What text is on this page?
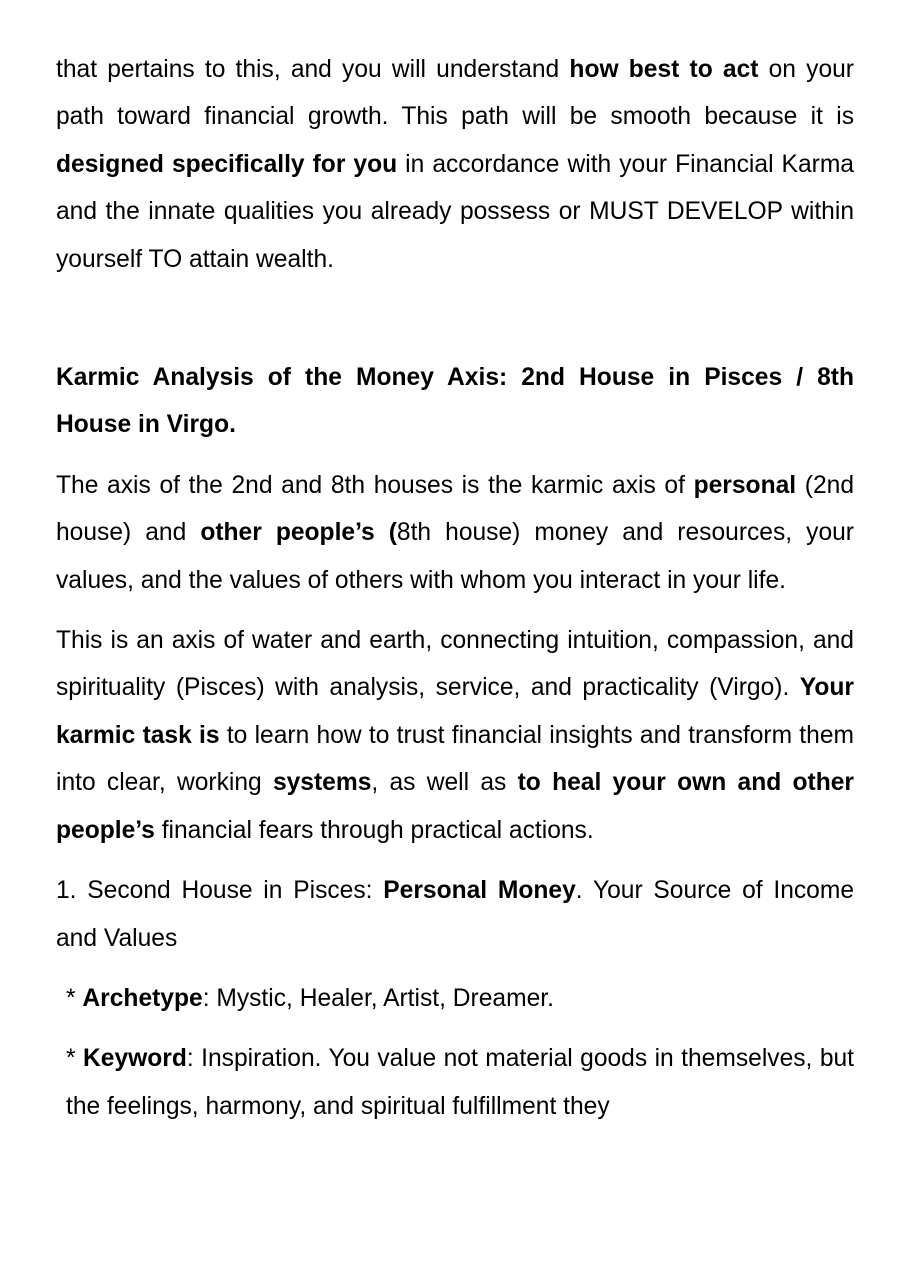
that pertains to this, and you will understand how best to act on your path toward financial growth. This path will be smooth because it is designed specifically for you in accordance with your Financial Karma and the innate qualities you already possess or MUST DEVELOP within yourself TO attain wealth.

Karmic Analysis of the Money Axis: 2nd House in Pisces / 8th House in Virgo.

The axis of the 2nd and 8th houses is the karmic axis of personal (2nd house) and other people’s (8th house) money and resources, your values, and the values of others with whom you interact in your life.

This is an axis of water and earth, connecting intuition, compassion, and spirituality (Pisces) with analysis, service, and practicality (Virgo). Your karmic task is to learn how to trust financial insights and transform them into clear, working systems, as well as to heal your own and other people’s financial fears through practical actions.

1. Second House in Pisces: Personal Money. Your Source of Income and Values

* Archetype: Mystic, Healer, Artist, Dreamer.

* Keyword: Inspiration. You value not material goods in themselves, but the feelings, harmony, and spiritual fulfillment they
